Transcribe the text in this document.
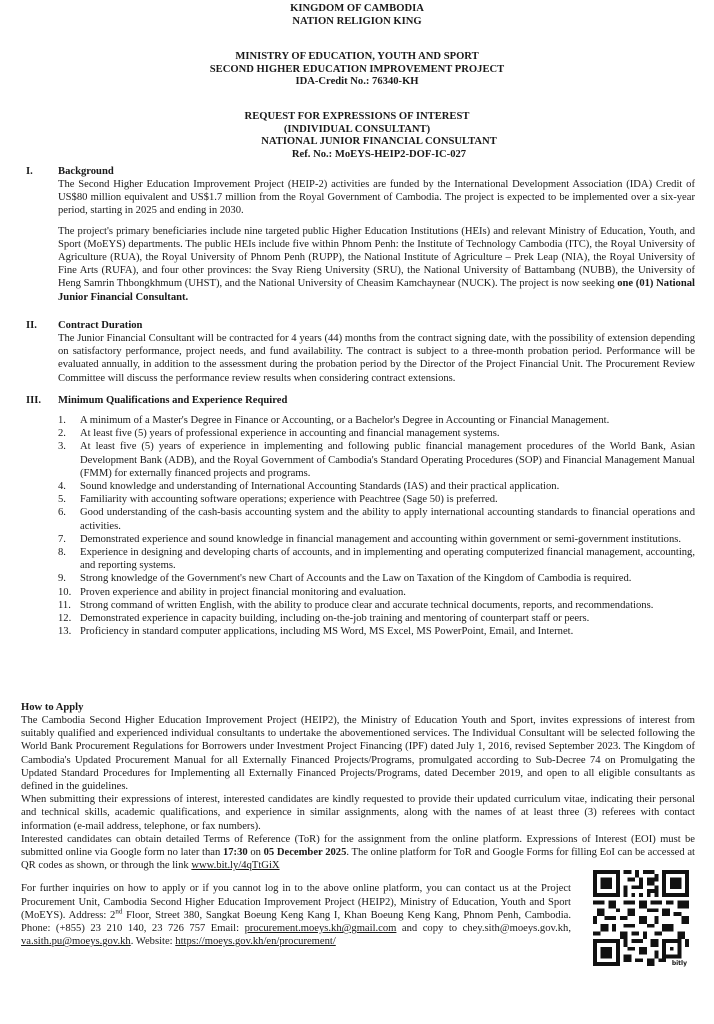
KINGDOM OF CAMBODIA
NATION RELIGION KING
MINISTRY OF EDUCATION, YOUTH AND SPORT
SECOND HIGHER EDUCATION IMPROVEMENT PROJECT
IDA-Credit No.: 76340-KH
REQUEST FOR EXPRESSIONS OF INTEREST
(INDIVIDUAL CONSULTANT)
NATIONAL JUNIOR FINANCIAL CONSULTANT
Ref. No.: MoEYS-HEIP2-DOF-IC-027
I. Background
The Second Higher Education Improvement Project (HEIP-2) activities are funded by the International Development Association (IDA) Credit of US$80 million equivalent and US$1.7 million from the Royal Government of Cambodia. The project is expected to be implemented over a six-year period, starting in 2025 and ending in 2030.
The project's primary beneficiaries include nine targeted public Higher Education Institutions (HEIs) and relevant Ministry of Education, Youth, and Sport (MoEYS) departments. The public HEIs include five within Phnom Penh: the Institute of Technology Cambodia (ITC), the Royal University of Agriculture (RUA), the Royal University of Phnom Penh (RUPP), the National Institute of Agriculture – Prek Leap (NIA), the Royal University of Fine Arts (RUFA), and four other provinces: the Svay Rieng University (SRU), the National University of Battambang (NUBB), the University of Heng Samrin Thbongkhmum (UHST), and the National University of Cheasim Kamchaynear (NUCK). The project is now seeking one (01) National Junior Financial Consultant.
II. Contract Duration
The Junior Financial Consultant will be contracted for 4 years (44) months from the contract signing date, with the possibility of extension depending on satisfactory performance, project needs, and fund availability. The contract is subject to a three-month probation period. Performance will be evaluated annually, in addition to the assessment during the probation period by the Director of the Project Financial Unit. The Procurement Review Committee will discuss the performance review results when considering contract extensions.
III. Minimum Qualifications and Experience Required
1. A minimum of a Master's Degree in Finance or Accounting, or a Bachelor's Degree in Accounting or Financial Management.
2. At least five (5) years of professional experience in accounting and financial management systems.
3. At least five (5) years of experience in implementing and following public financial management procedures of the World Bank, Asian Development Bank (ADB), and the Royal Government of Cambodia's Standard Operating Procedures (SOP) and Financial Management Manual (FMM) for externally financed projects and programs.
4. Sound knowledge and understanding of International Accounting Standards (IAS) and their practical application.
5. Familiarity with accounting software operations; experience with Peachtree (Sage 50) is preferred.
6. Good understanding of the cash-basis accounting system and the ability to apply international accounting standards to financial operations and activities.
7. Demonstrated experience and sound knowledge in financial management and accounting within government or semi-government institutions.
8. Experience in designing and developing charts of accounts, and in implementing and operating computerized financial management, accounting, and reporting systems.
9. Strong knowledge of the Government's new Chart of Accounts and the Law on Taxation of the Kingdom of Cambodia is required.
10. Proven experience and ability in project financial monitoring and evaluation.
11. Strong command of written English, with the ability to produce clear and accurate technical documents, reports, and recommendations.
12. Demonstrated experience in capacity building, including on-the-job training and mentoring of counterpart staff or peers.
13. Proficiency in standard computer applications, including MS Word, MS Excel, MS PowerPoint, Email, and Internet.
How to Apply
The Cambodia Second Higher Education Improvement Project (HEIP2), the Ministry of Education Youth and Sport, invites expressions of interest from suitably qualified and experienced individual consultants to undertake the abovementioned services. The Individual Consultant will be selected following the World Bank Procurement Regulations for Borrowers under Investment Project Financing (IPF) dated July 1, 2016, revised September 2023. The Kingdom of Cambodia's Updated Procurement Manual for all Externally Financed Projects/Programs, promulgated according to Sub-Decree 74 on Promulgating the Updated Standard Procedures for Implementing all Externally Financed Projects/Programs, dated December 2019, and open to all eligible consultants as defined in the guidelines.
When submitting their expressions of interest, interested candidates are kindly requested to provide their updated curriculum vitae, indicating their personal and technical skills, academic qualifications, and experience in similar assignments, along with the names of at least three (3) referees with contact information (e-mail address, telephone, or fax numbers).
Interested candidates can obtain detailed Terms of Reference (ToR) for the assignment from the online platform. Expressions of Interest (EOI) must be submitted online via Google form no later than 17:30 on 05 December 2025. The online platform for ToR and Google Forms for filling EoI can be accessed at QR codes as shown, or through the link www.bit.ly/4qTtGiX
For further inquiries on how to apply or if you cannot log in to the above online platform, you can contact us at the Project Procurement Unit, Cambodia Second Higher Education Improvement Project (HEIP2), Ministry of Education, Youth and Sport (MoEYS). Address: 2nd Floor, Street 380, Sangkat Boeung Keng Kang I, Khan Boeung Keng Kang, Phnom Penh, Cambodia. Phone: (+855) 23 210 140, 23 726 757 Email: procurement.moeys.kh@gmail.com and copy to chey.sith@moeys.gov.kh, va.sith.pu@moeys.gov.kh. Website: https://moeys.gov.kh/en/procurement/
bitly
